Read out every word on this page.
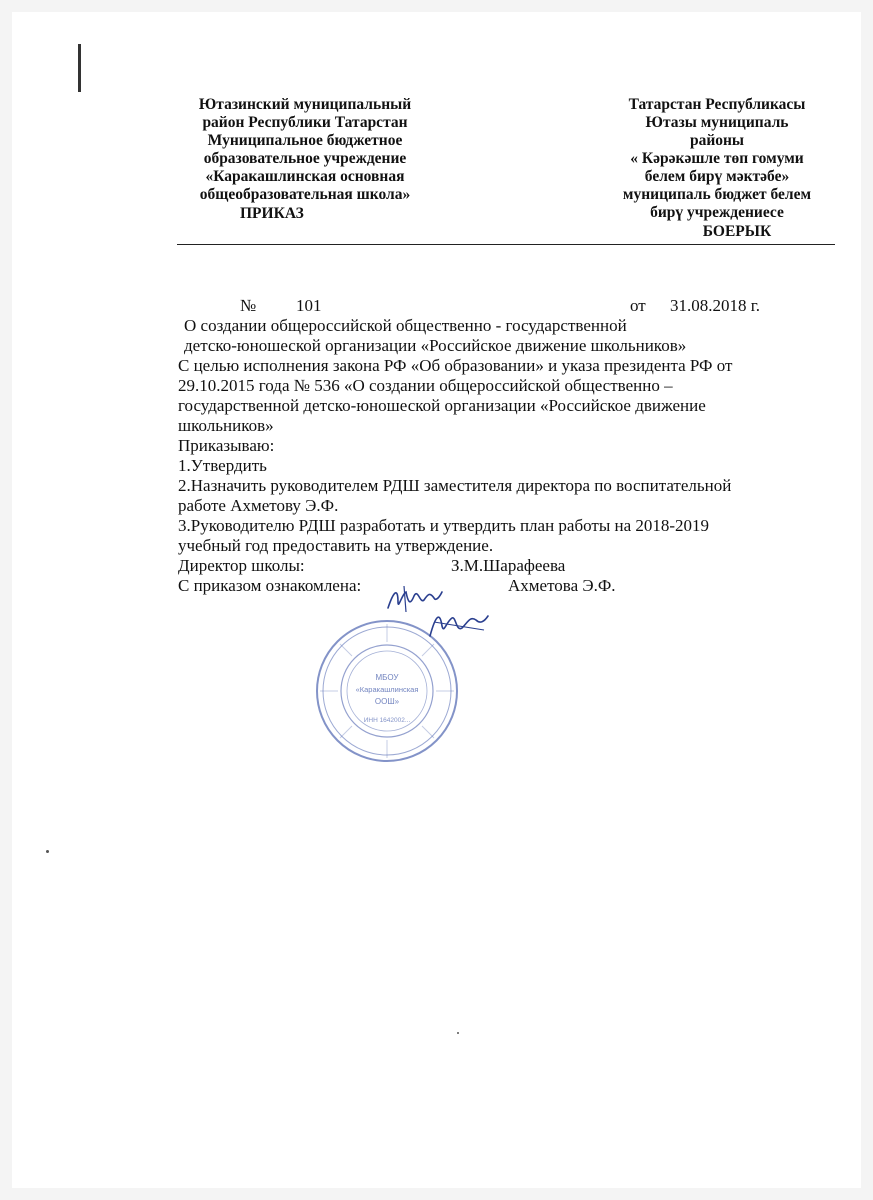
Ютазинский муниципальный
район Республики Татарстан
Муниципальное бюджетное
образовательное учреждение
«Каракашлинская основная
общеобразовательная школа»
ПРИКАЗ
Татарстан Республикасы
Ютазы муниципаль
районы
« Кәрәкәшле төп гомуми
белем бирү мәктәбе»
муниципаль бюджет белем
бирү учреждениесе
БОЕРЫК
№ 101	от 31.08.2018 г.

О создании общероссийской общественно - государственной

детско-юношеской организации «Российское движение школьников»

С целью исполнения закона РФ «Об образовании» и указа президента РФ от

29.10.2015 года № 536 «О создании общероссийской общественно –

государственной детско-юношеской организации «Российское движение

школьников»

Приказываю:

1.Утвердить

2.Назначить руководителем РДШ заместителя директора по воспитательной

работе Ахметову Э.Ф.

3.Руководителю РДШ разработать и утвердить план работы на 2018-2019

учебный год предоставить на утверждение.

Директор школы:	З.М.Шарафеева
С приказом ознакомлена:	Ахметова Э.Ф.
МБОУ
«Каракашлинская
ООШ»
ИНН 1642002...
